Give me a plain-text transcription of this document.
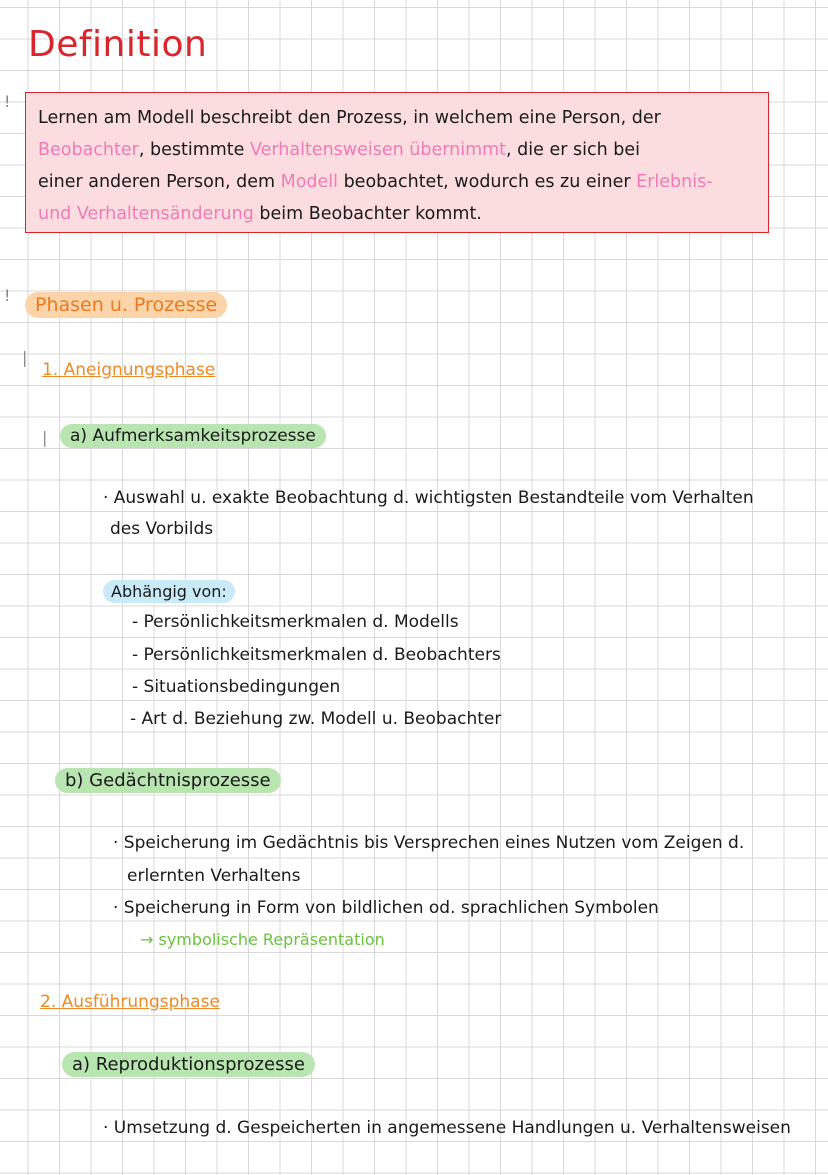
Definition
!
!
|
|
Lernen am Modell beschreibt den Prozess, in welchem eine Person, der
Beobachter, bestimmte Verhaltensweisen übernimmt, die er sich bei
einer anderen Person, dem Modell beobachtet, wodurch es zu einer Erlebnis-
und Verhaltensänderung beim Beobachter kommt.
Phasen u. Prozesse
1. Aneignungsphase
a) Aufmerksamkeitsprozesse
· Auswahl u. exakte Beobachtung d. wichtigsten Bestandteile vom Verhalten
des Vorbilds
Abhängig von:
- Persönlichkeitsmerkmalen d. Modells
- Persönlichkeitsmerkmalen d. Beobachters
- Situationsbedingungen
- Art d. Beziehung zw. Modell u. Beobachter
b) Gedächtnisprozesse
· Speicherung im Gedächtnis bis Versprechen eines Nutzen vom Zeigen d.
erlernten Verhaltens
· Speicherung in Form von bildlichen od. sprachlichen Symbolen
→ symbolische Repräsentation
2. Ausführungsphase
a) Reproduktionsprozesse
· Umsetzung d. Gespeicherten in angemessene Handlungen u. Verhaltensweisen
